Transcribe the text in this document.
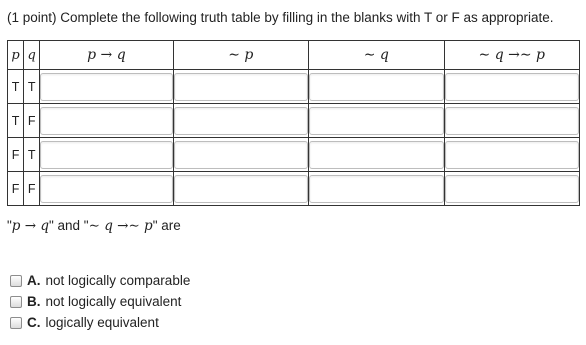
(1 point) Complete the following truth table by filling in the blanks with T or F as appropriate.
p	q	p → q	∼ p	∼ q	∼ q →∼ p
T	T				
T	F				
F	T				
F	F				
"p → q" and "∼ q →∼ p" are
A. not logically comparable
B. not logically equivalent
C. logically equivalent
